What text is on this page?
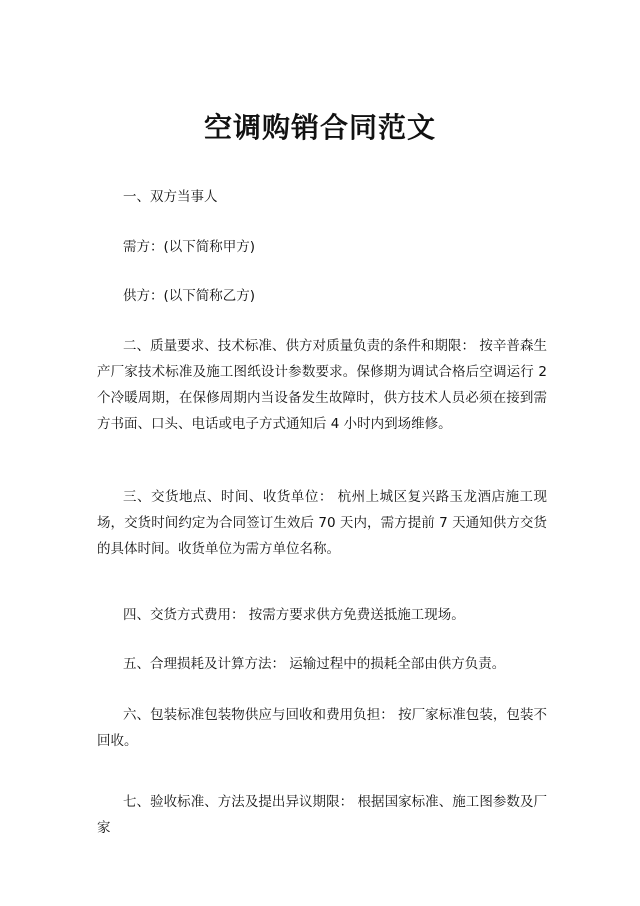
空调购销合同范文

一、双方当事人

需方：(以下简称甲方)

供方：(以下简称乙方)

二、质量要求、技术标准、供方对质量负责的条件和期限： 按辛普森生产厂家技术标准及施工图纸设计参数要求。保修期为调试合格后空调运行 2 个冷暖周期，在保修周期内当设备发生故障时，供方技术人员必须在接到需方书面、口头、电话或电子方式通知后 4 小时内到场维修。

三、交货地点、时间、收货单位： 杭州上城区复兴路玉龙酒店施工现场，交货时间约定为合同签订生效后 70 天内，需方提前 7 天通知供方交货的具体时间。收货单位为需方单位名称。

四、交货方式费用： 按需方要求供方免费送抵施工现场。

五、合理损耗及计算方法： 运输过程中的损耗全部由供方负责。

六、包装标准包装物供应与回收和费用负担： 按厂家标准包装，包装不回收。

七、验收标准、方法及提出异议期限： 根据国家标准、施工图参数及厂家
